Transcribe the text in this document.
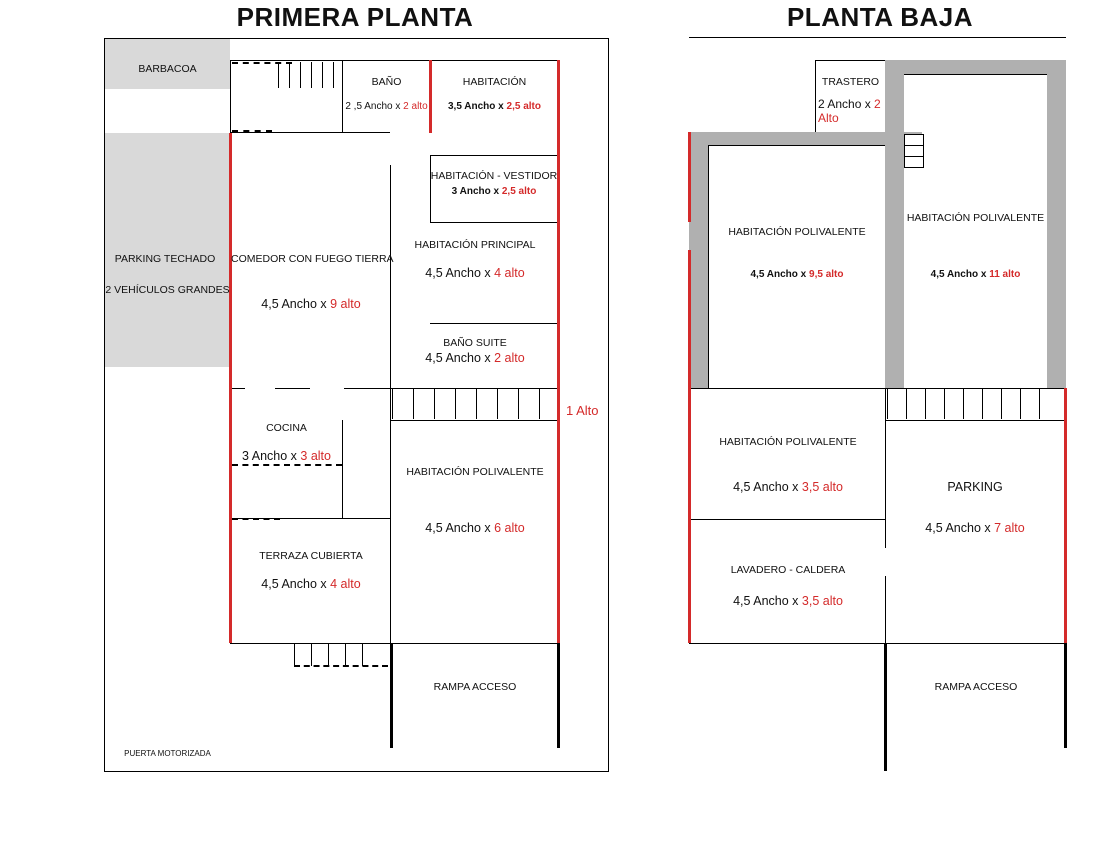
PRIMERA PLANTA	PLANTA BAJA
BARBACOA
BAÑO
2 ,5 Ancho x 2 alto
HABITACIÓN
3,5 Ancho x 2,5 alto
HABITACIÓN - VESTIDOR
3 Ancho x 2,5 alto
PARKING TECHADO
2 VEHÍCULOS GRANDES
COMEDOR CON FUEGO TIERRA
4,5 Ancho x 9 alto
HABITACIÓN PRINCIPAL
4,5 Ancho x 4 alto
BAÑO SUITE
4,5 Ancho x 2 alto
1 Alto
COCINA
3 Ancho x 3 alto
HABITACIÓN POLIVALENTE
4,5 Ancho x 6 alto
TERRAZA CUBIERTA
4,5 Ancho x 4 alto
RAMPA ACCESO
PUERTA MOTORIZADA
TRASTERO
2 Ancho x 2
Alto
HABITACIÓN POLIVALENTE
4,5 Ancho x 9,5 alto
HABITACIÓN POLIVALENTE
4,5 Ancho x 11 alto
HABITACIÓN POLIVALENTE
4,5 Ancho x 3,5 alto	PARKING
4,5 Ancho x 7 alto
LAVADERO - CALDERA
4,5 Ancho x 3,5 alto
RAMPA ACCESO
